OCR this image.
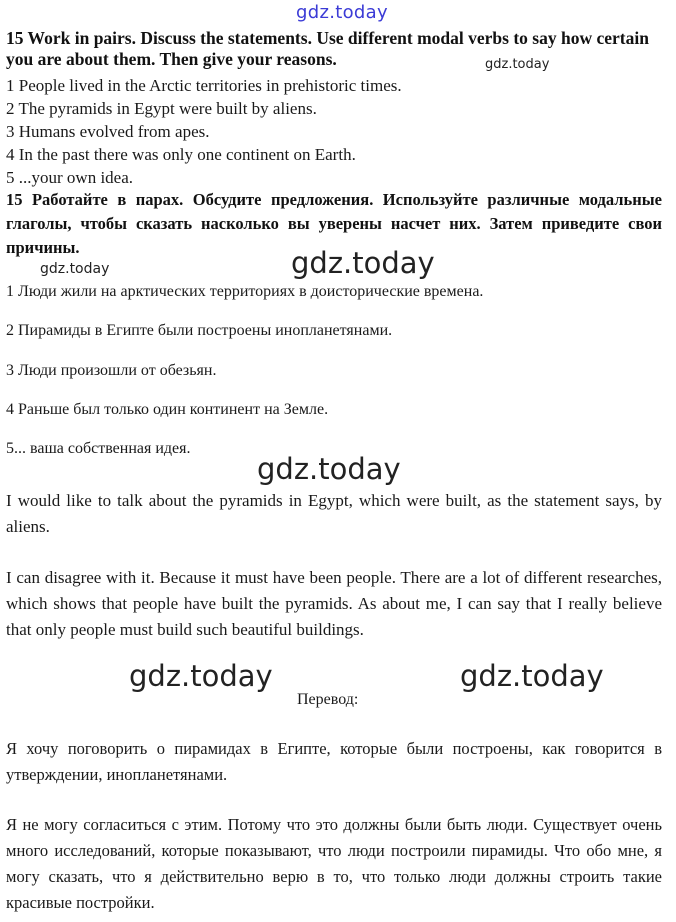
gdz.today
15 Work in pairs. Discuss the statements. Use different modal verbs to say how certain you are about them. Then give your reasons.	gdz.today
1 People lived in the Arctic territories in prehistoric times.
2 The pyramids in Egypt were built by aliens.
3 Humans evolved from apes.
4 In the past there was only one continent on Earth.
5 ...your own idea.
15 Работайте в парах. Обсудите предложения. Используйте различные модальные глаголы, чтобы сказать насколько вы уверены насчет них. Затем приведите свои причины.
gdz.today	gdz.today
1 Люди жили на арктических территориях в доисторические времена.
2 Пирамиды в Египте были построены инопланетянами.
3 Люди произошли от обезьян.
4 Раньше был только один континент на Земле.
5... ваша собственная идея.
gdz.today
I would like to talk about the pyramids in Egypt, which were built, as the statement says, by aliens.
I can disagree with it. Because it must have been people. There are a lot of different researches, which shows that people have built the pyramids. As about me, I can say that I really believe that only people must build such beautiful buildings.
gdz.today	gdz.today
Перевод:
Я хочу поговорить о пирамидах в Египте, которые были построены, как говорится в утверждении, инопланетянами.
Я не могу согласиться с этим. Потому что это должны были быть люди. Существует очень много исследований, которые показывают, что люди построили пирамиды. Что обо мне, я могу сказать, что я действительно верю в то, что только люди должны строить такие красивые постройки.
